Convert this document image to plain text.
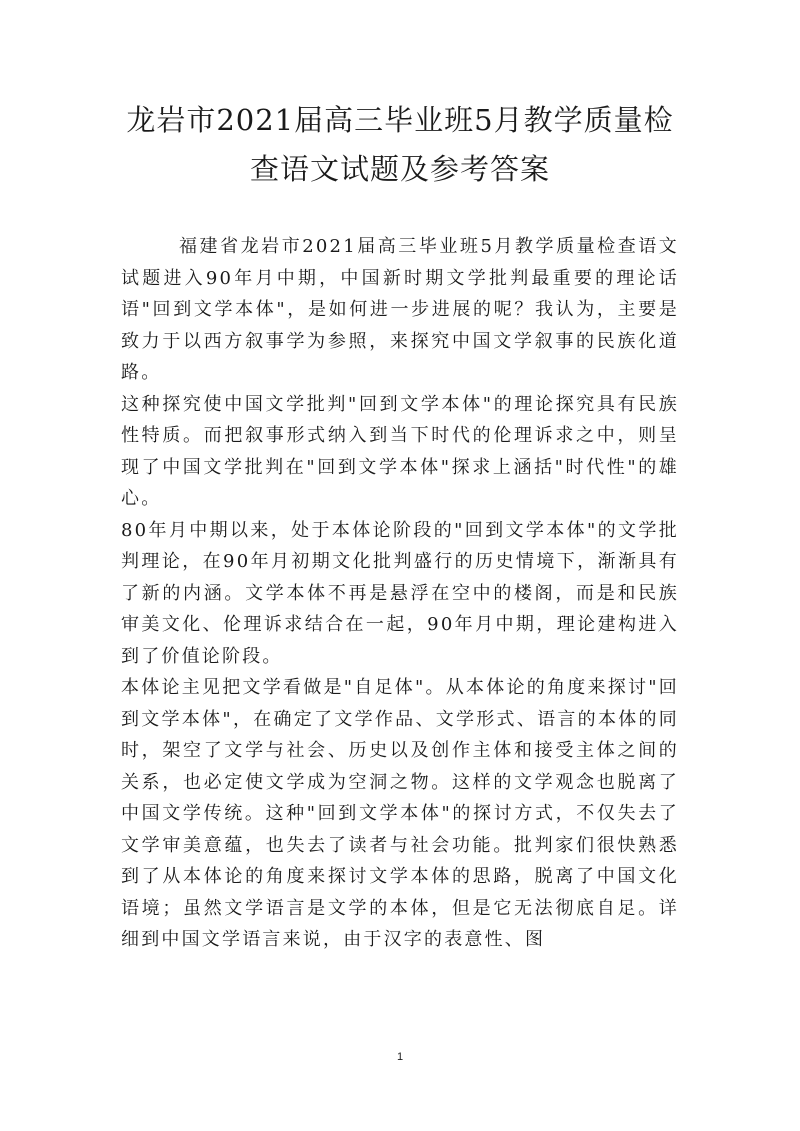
龙岩市2021届高三毕业班5月教学质量检查语文试题及参考答案

福建省龙岩市2021届高三毕业班5月教学质量检查语文试题进入90年月中期，中国新时期文学批判最重要的理论话语"回到文学本体"，是如何进一步进展的呢？我认为，主要是致力于以西方叙事学为参照，来探究中国文学叙事的民族化道路。

这种探究使中国文学批判"回到文学本体"的理论探究具有民族性特质。而把叙事形式纳入到当下时代的伦理诉求之中，则呈现了中国文学批判在"回到文学本体"探求上涵括"时代性"的雄心。

80年月中期以来，处于本体论阶段的"回到文学本体"的文学批判理论，在90年月初期文化批判盛行的历史情境下，渐渐具有了新的内涵。文学本体不再是悬浮在空中的楼阁，而是和民族审美文化、伦理诉求结合在一起，90年月中期，理论建构进入到了价值论阶段。

本体论主见把文学看做是"自足体"。从本体论的角度来探讨"回到文学本体"，在确定了文学作品、文学形式、语言的本体的同时，架空了文学与社会、历史以及创作主体和接受主体之间的关系，也必定使文学成为空洞之物。这样的文学观念也脱离了中国文学传统。这种"回到文学本体"的探讨方式，不仅失去了文学审美意蕴，也失去了读者与社会功能。批判家们很快熟悉到了从本体论的角度来探讨文学本体的思路，脱离了中国文化语境；虽然文学语言是文学的本体，但是它无法彻底自足。详细到中国文学语言来说，由于汉字的表意性、图

1
